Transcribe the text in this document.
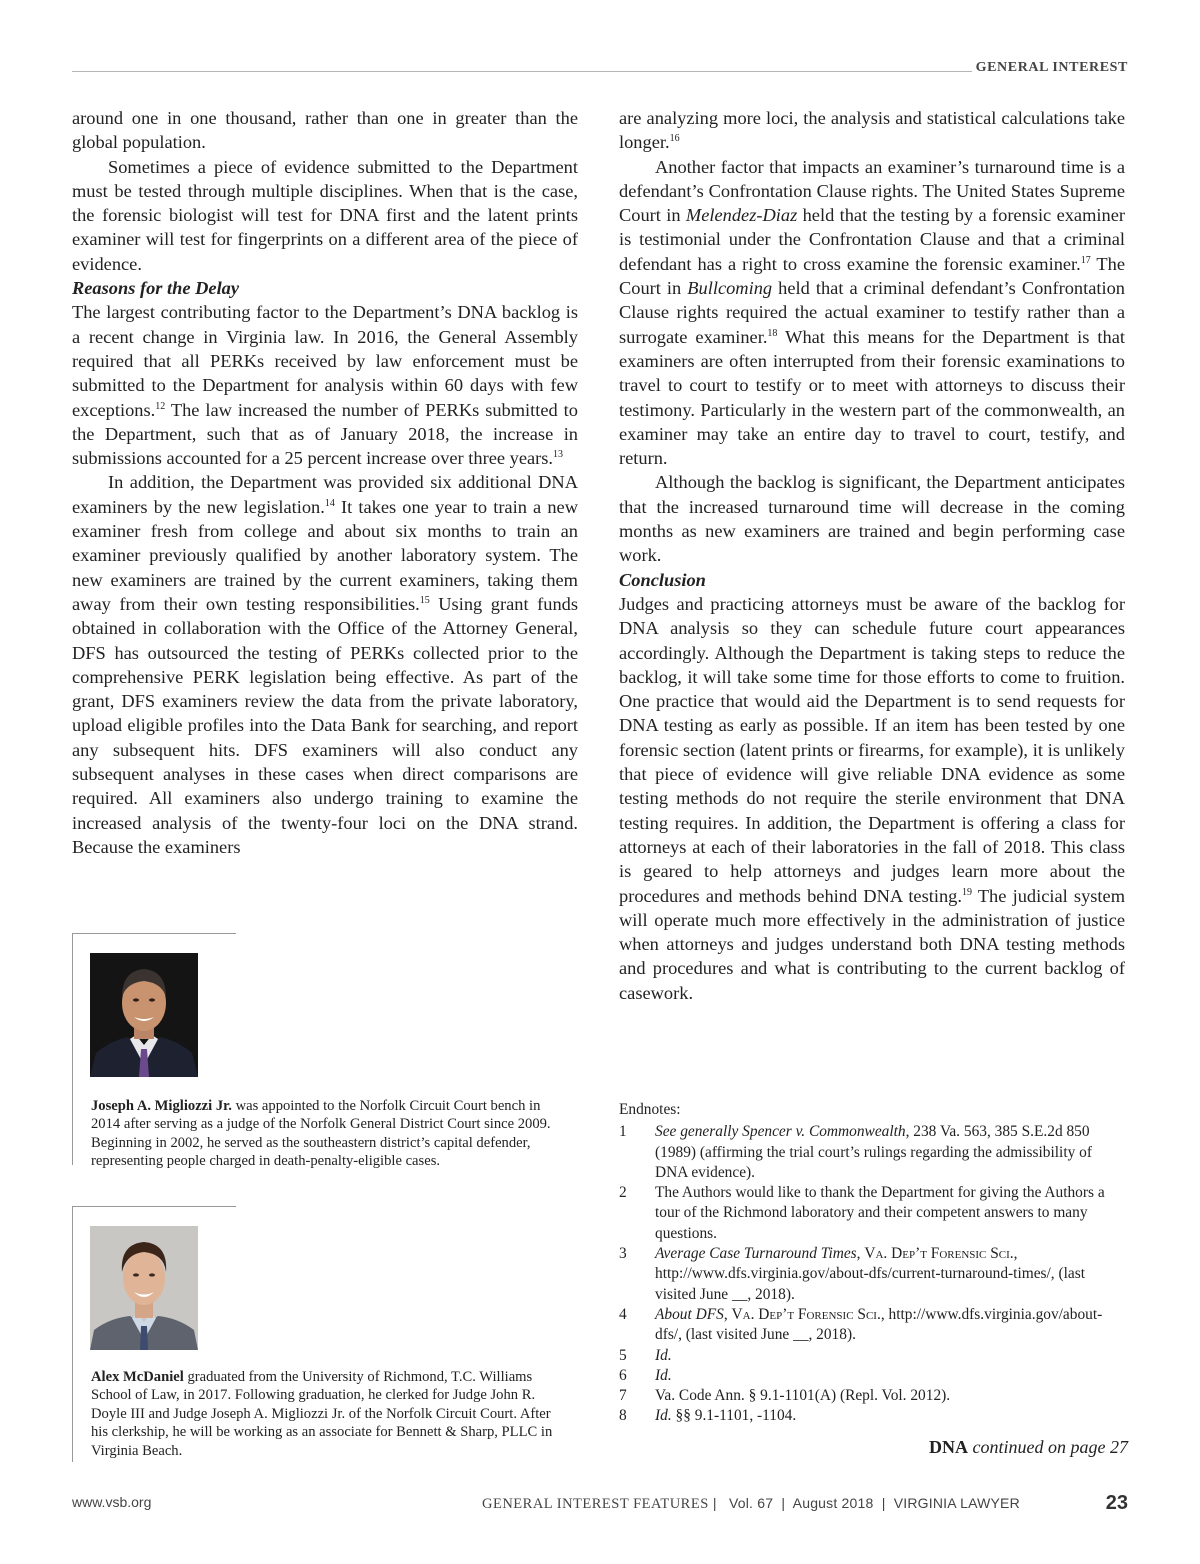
GENERAL INTEREST

around one in one thousand, rather than one in greater than the global population.

Sometimes a piece of evidence submitted to the Department must be tested through multiple disciplines. When that is the case, the forensic biologist will test for DNA first and the latent prints examiner will test for fingerprints on a different area of the piece of evidence.

Reasons for the Delay

The largest contributing factor to the Department’s DNA backlog is a recent change in Virginia law. In 2016, the General Assembly required that all PERKs received by law enforcement must be submitted to the Department for analysis within 60 days with few exceptions.$^{12}$ The law increased the number of PERKs submitted to the Department, such that as of January 2018, the increase in submissions accounted for a 25 percent increase over three years.$^{13}$

In addition, the Department was provided six additional DNA examiners by the new legislation.$^{14}$ It takes one year to train a new examiner fresh from college and about six months to train an examiner previously qualified by another laboratory system. The new examiners are trained by the current examiners, taking them away from their own testing responsibilities.$^{15}$ Using grant funds obtained in collaboration with the Office of the Attorney General, DFS has outsourced the testing of PERKs collected prior to the comprehensive PERK legislation being effective. As part of the grant, DFS examiners review the data from the private laboratory, upload eligible profiles into the Data Bank for searching, and report any subsequent hits. DFS examiners will also conduct any subsequent analyses in these cases when direct comparisons are required. All examiners also undergo training to examine the increased analysis of the twenty-four loci on the DNA strand. Because the examiners

are analyzing more loci, the analysis and statistical calculations take longer.$^{16}$

Another factor that impacts an examiner’s turnaround time is a defendant’s Confrontation Clause rights. The United States Supreme Court in Melendez-Diaz held that the testing by a forensic examiner is testimonial under the Confrontation Clause and that a criminal defendant has a right to cross examine the forensic examiner.$^{17}$ The Court in Bullcoming held that a criminal defendant’s Confrontation Clause rights required the actual examiner to testify rather than a surrogate examiner.$^{18}$ What this means for the Department is that examiners are often interrupted from their forensic examinations to travel to court to testify or to meet with attorneys to discuss their testimony. Particularly in the western part of the commonwealth, an examiner may take an entire day to travel to court, testify, and return.

Although the backlog is significant, the Department anticipates that the increased turnaround time will decrease in the coming months as new examiners are trained and begin performing case work.

Conclusion

Judges and practicing attorneys must be aware of the backlog for DNA analysis so they can schedule future court appearances accordingly. Although the Department is taking steps to reduce the backlog, it will take some time for those efforts to come to fruition. One practice that would aid the Department is to send requests for DNA testing as early as possible. If an item has been tested by one forensic section (latent prints or firearms, for example), it is unlikely that piece of evidence will give reliable DNA evidence as some testing methods do not require the sterile environment that DNA testing requires. In addition, the Department is offering a class for attorneys at each of their laboratories in the fall of 2018. This class is geared to help attorneys and judges learn more about the procedures and methods behind DNA testing.$^{19}$ The judicial system will operate much more effectively in the administration of justice when attorneys and judges understand both DNA testing methods and procedures and what is contributing to the current backlog of casework.

Joseph A. Migliozzi Jr. was appointed to the Norfolk Circuit Court bench in 2014 after serving as a judge of the Norfolk General District Court since 2009. Beginning in 2002, he served as the southeastern district’s capital defender, representing people charged in death-penalty-eligible cases.
Alex McDaniel graduated from the University of Richmond, T.C. Williams School of Law, in 2017. Following graduation, he clerked for Judge John R. Doyle III and Judge Joseph A. Migliozzi Jr. of the Norfolk Circuit Court. After his clerkship, he will be working as an associate for Bennett & Sharp, PLLC in Virginia Beach.

Endnotes:

1	See generally Spencer v. Commonwealth, 238 Va. 563, 385 S.E.2d 850 (1989) (affirming the trial court’s rulings regarding the admissibility of DNA evidence).
2	The Authors would like to thank the Department for giving the Authors a tour of the Richmond laboratory and their competent answers to many questions.
3	Average Case Turnaround Times, Va. Dep’t Forensic Sci., http://www.dfs.virginia.gov/about-dfs/current-turnaround-times/, (last visited June __, 2018).
4	About DFS, Va. Dep’t Forensic Sci., http://www.dfs.virginia.gov/about-dfs/, (last visited June __, 2018).
5	Id.
6	Id.
7	Va. Code Ann. § 9.1-1101(A) (Repl. Vol. 2012).
8	Id. §§ 9.1-1101, -1104.
DNA continued on page 27
www.vsb.org	GENERAL INTEREST FEATURES | Vol. 67 | August 2018 | VIRGINIA LAWYER	23
